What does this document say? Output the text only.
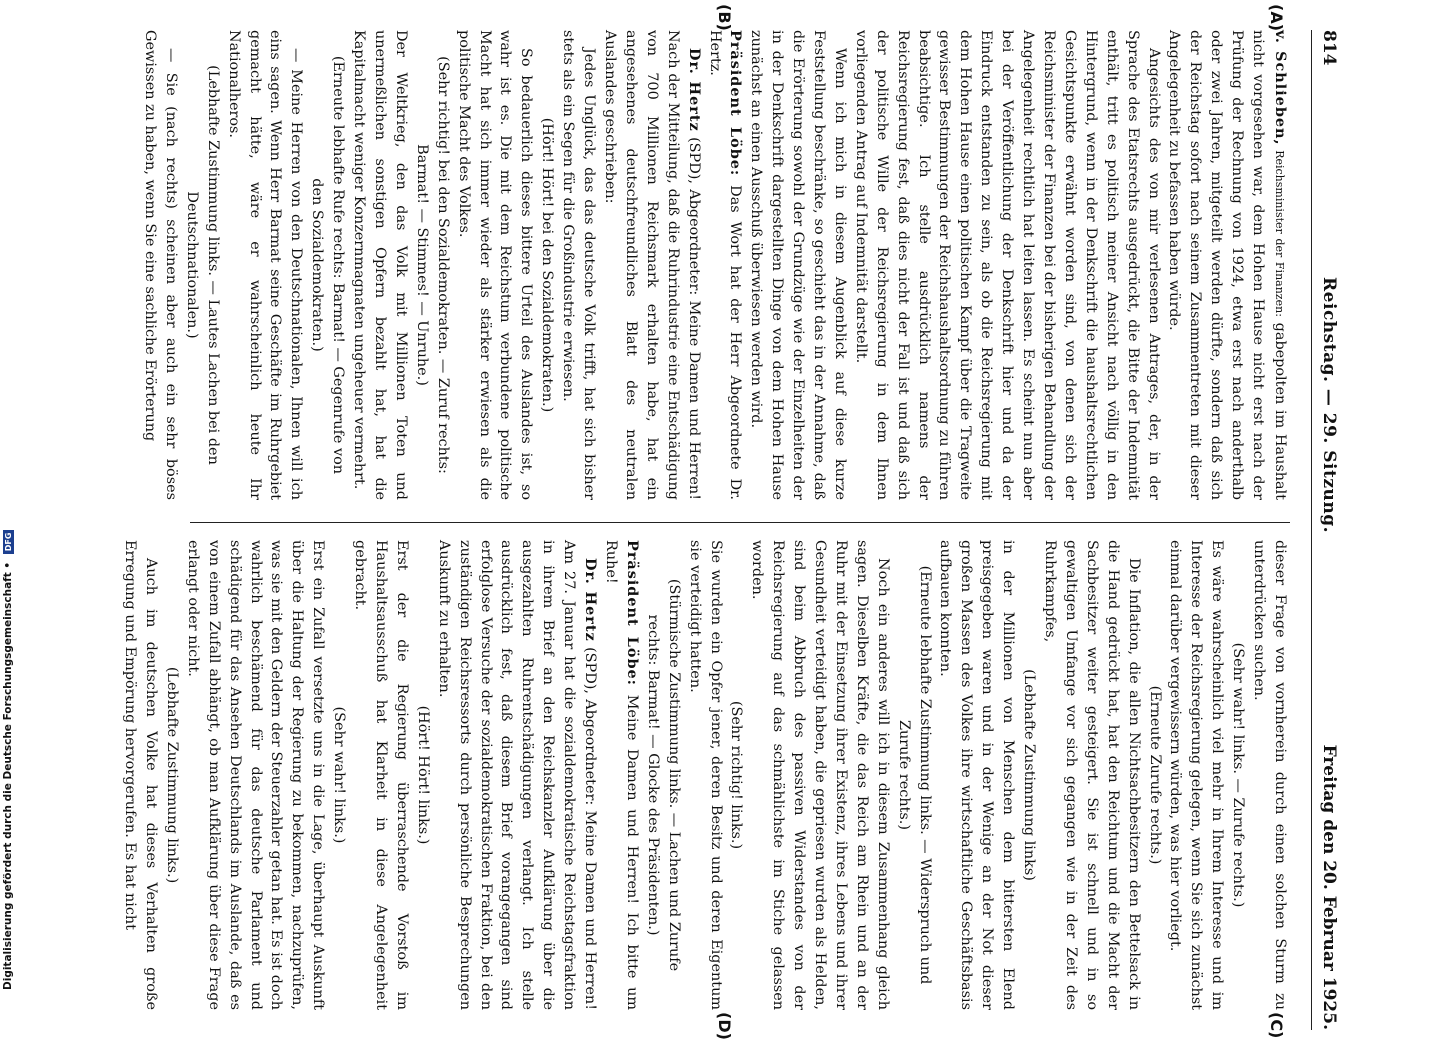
814
Reichstag. — 29. Sitzung.
Freitag den 20. Februar 1925.

v. Schlieben, Reichsminister der Finanzen: gabepolten im Haushalt nicht vorgesehen war, dem Hohen Hause nicht erst nach der Prüfung der Rechnung von 1924, etwa erst nach anderthalb oder zwei Jahren, mitgeteilt werden dürfte, sondern daß sich der Reichstag sofort nach seinem Zusammentreten mit dieser Angelegenheit zu befassen haben würde.

Angesichts des von mir verlesenen Antrages, der, in der Sprache des Etatsrechts ausgedrückt, die Bitte der Indemnität enthält, tritt es politisch meiner Ansicht nach völlig in den Hintergrund, wenn in der Denkschrift die haushaltsrechtlichen Gesichtspunkte erwähnt worden sind, von denen sich der Reichsminister der Finanzen bei der bisherigen Behandlung der Angelegenheit rechtlich hat leiten lassen. Es scheint nun aber bei der Veröffentlichung der Denkschrift hier und da der Eindruck entstanden zu sein, als ob die Reichsregierung mit dem Hohen Hause einen politischen Kampf über die Tragweite gewisser Bestimmungen der Reichshaushaltsordnung zu führen beabsichtige. Ich stelle ausdrücklich namens der Reichsregierung fest, daß dies nicht der Fall ist und daß sich der politische Wille der Reichsregierung in dem Ihnen vorliegenden Antrag auf Indemnität darstellt.

Wenn ich mich in diesem Augenblick auf diese kurze Feststellung beschränke, so geschieht das in der Annahme, daß die Erörterung sowohl der Grundzüge wie der Einzelheiten der in der Denkschrift dargestellten Dinge von dem Hohen Hause zunächst an einen Ausschuß überwiesen werden wird.

Präsident Löbe: Das Wort hat der Herr Abgeordnete Dr. Hertz.

Dr. Hertz (SPD), Abgeordneter: Meine Damen und Herren! Nach der Mitteilung, daß die Ruhrindustrie eine Entschädigung von 700 Millionen Reichsmark erhalten habe, hat ein angesehenes deutschfreundliches Blatt des neutralen Auslandes geschrieben:

Jedes Unglück, das das deutsche Volk trifft, hat sich bisher stets als ein Segen für die Großindustrie erwiesen.

(Hört! Hört! bei den Sozialdemokraten.)

So bedauerlich dieses bittere Urteil des Auslandes ist, so wahr ist es. Die mit dem Reichstum verbundene politische Macht hat sich immer wieder als stärker erwiesen als die politische Macht des Volkes.

(Sehr richtig! bei den Sozialdemokraten. — Zuruf rechts: Barmat! — Stimmes! — Unruhe.)

Der Weltkrieg, den das Volk mit Millionen Toten und unermeßlichen sonstigen Opfern bezahlt hat, hat die Kapitalmacht weniger Konzernmagnaten ungeheuer vermehrt.

(Erneute lebhafte Rufe rechts: Barmat! — Gegenrufe von den Sozialdemokraten.)

— Meine Herren von den Deutschnationalen, Ihnen will ich eins sagen. Wenn Herr Barmat seine Geschäfte im Ruhrgebiet gemacht hätte, wäre er wahrscheinlich heute Ihr Nationalheros.

(Lebhafte Zustimmung links. — Lautes Lachen bei den Deutschnationalen.)

— Sie (nach rechts) scheinen aber auch ein sehr böses Gewissen zu haben, wenn Sie eine sachliche Erörterung

dieser Frage von vornherein durch einen solchen Sturm zu unterdrücken suchen.

(Sehr wahr! links. — Zurufe rechts.)

Es wäre wahrscheinlich viel mehr in Ihrem Interesse und im Interesse der Reichsregierung gelegen, wenn Sie sich zunächst einmal darüber vergewissern würden, was hier vorliegt.

(Erneute Zurufe rechts.)

Die Inflation, die allen Nichtsachbesitzern den Bettelsack in die Hand gedrückt hat, hat den Reichtum und die Macht der Sachbesitzer weiter gesteigert. Sie ist schnell und in so gewaltigen Umfange vor sich gegangen wie in der Zeit des Ruhrkampfes,

(Lebhafte Zustimmung links)

in der Millionen von Menschen dem bittersten Elend preisgegeben waren und in der Wenige an der Not dieser großen Massen des Volkes ihre wirtschaftliche Geschäftsbasis aufbauen konnten.

(Erneute lebhafte Zustimmung links. — Widerspruch und Zurufe rechts.)

Noch ein anderes will ich in diesem Zusammenhang gleich sagen. Dieselben Kräfte, die das Reich am Rhein und an der Ruhr mit der Einsetzung ihrer Existenz, ihres Lebens und ihrer Gesundheit verteidigt haben, die gepriesen wurden als Helden, sind beim Abbruch des passiven Widerstandes von der Reichsregierung auf das schmählichste im Stiche gelassen worden.

(Sehr richtig! links.)

Sie wurden ein Opfer jener, deren Besitz und deren Eigentum sie verteidigt hatten.

(Stürmische Zustimmung links. — Lachen und Zurufe rechts: Barmat! — Glocke des Präsidenten.)

Präsident Löbe: Meine Damen und Herren! Ich bitte um Ruhe!

Dr. Hertz (SPD), Abgeordneter: Meine Damen und Herren! Am 27. Januar hat die sozialdemokratische Reichstagsfraktion in ihrem Brief an den Reichskanzler Aufklärung über die ausgezahlten Ruhrentschädigungen verlangt. Ich stelle ausdrücklich fest, daß diesem Brief vorangegangen sind erfolglose Versuche der sozialdemokratischen Fraktion, bei den zuständigen Reichsressorts durch persönliche Besprechungen Auskunft zu erhalten.

(Hört! Hört! links.)

Erst der die Regierung überraschende Vorstoß im Haushaltsausschuß hat Klarheit in diese Angelegenheit gebracht.

(Sehr wahr! links.)

Erst ein Zufall versetzte uns in die Lage, überhaupt Auskunft über die Haltung der Regierung zu bekommen, nachzuprüfen, was sie mit den Geldern der Steuerzahler getan hat. Es ist doch wahrlich beschämend für das deutsche Parlament und schädigend für das Ansehen Deutschlands im Auslande, daß es von einem Zufall abhängt, ob man Aufklärung über diese Frage erlangt oder nicht.

(Lebhafte Zustimmung links.)

Auch im deutschen Volke hat dieses Verhalten große Erregung und Empörung hervorgerufen. Es hat nicht

(A)
(B)
(C)
(D)
Digitalisierung gefördert durch die Deutsche Forschungsgemeinschaft • DFG
